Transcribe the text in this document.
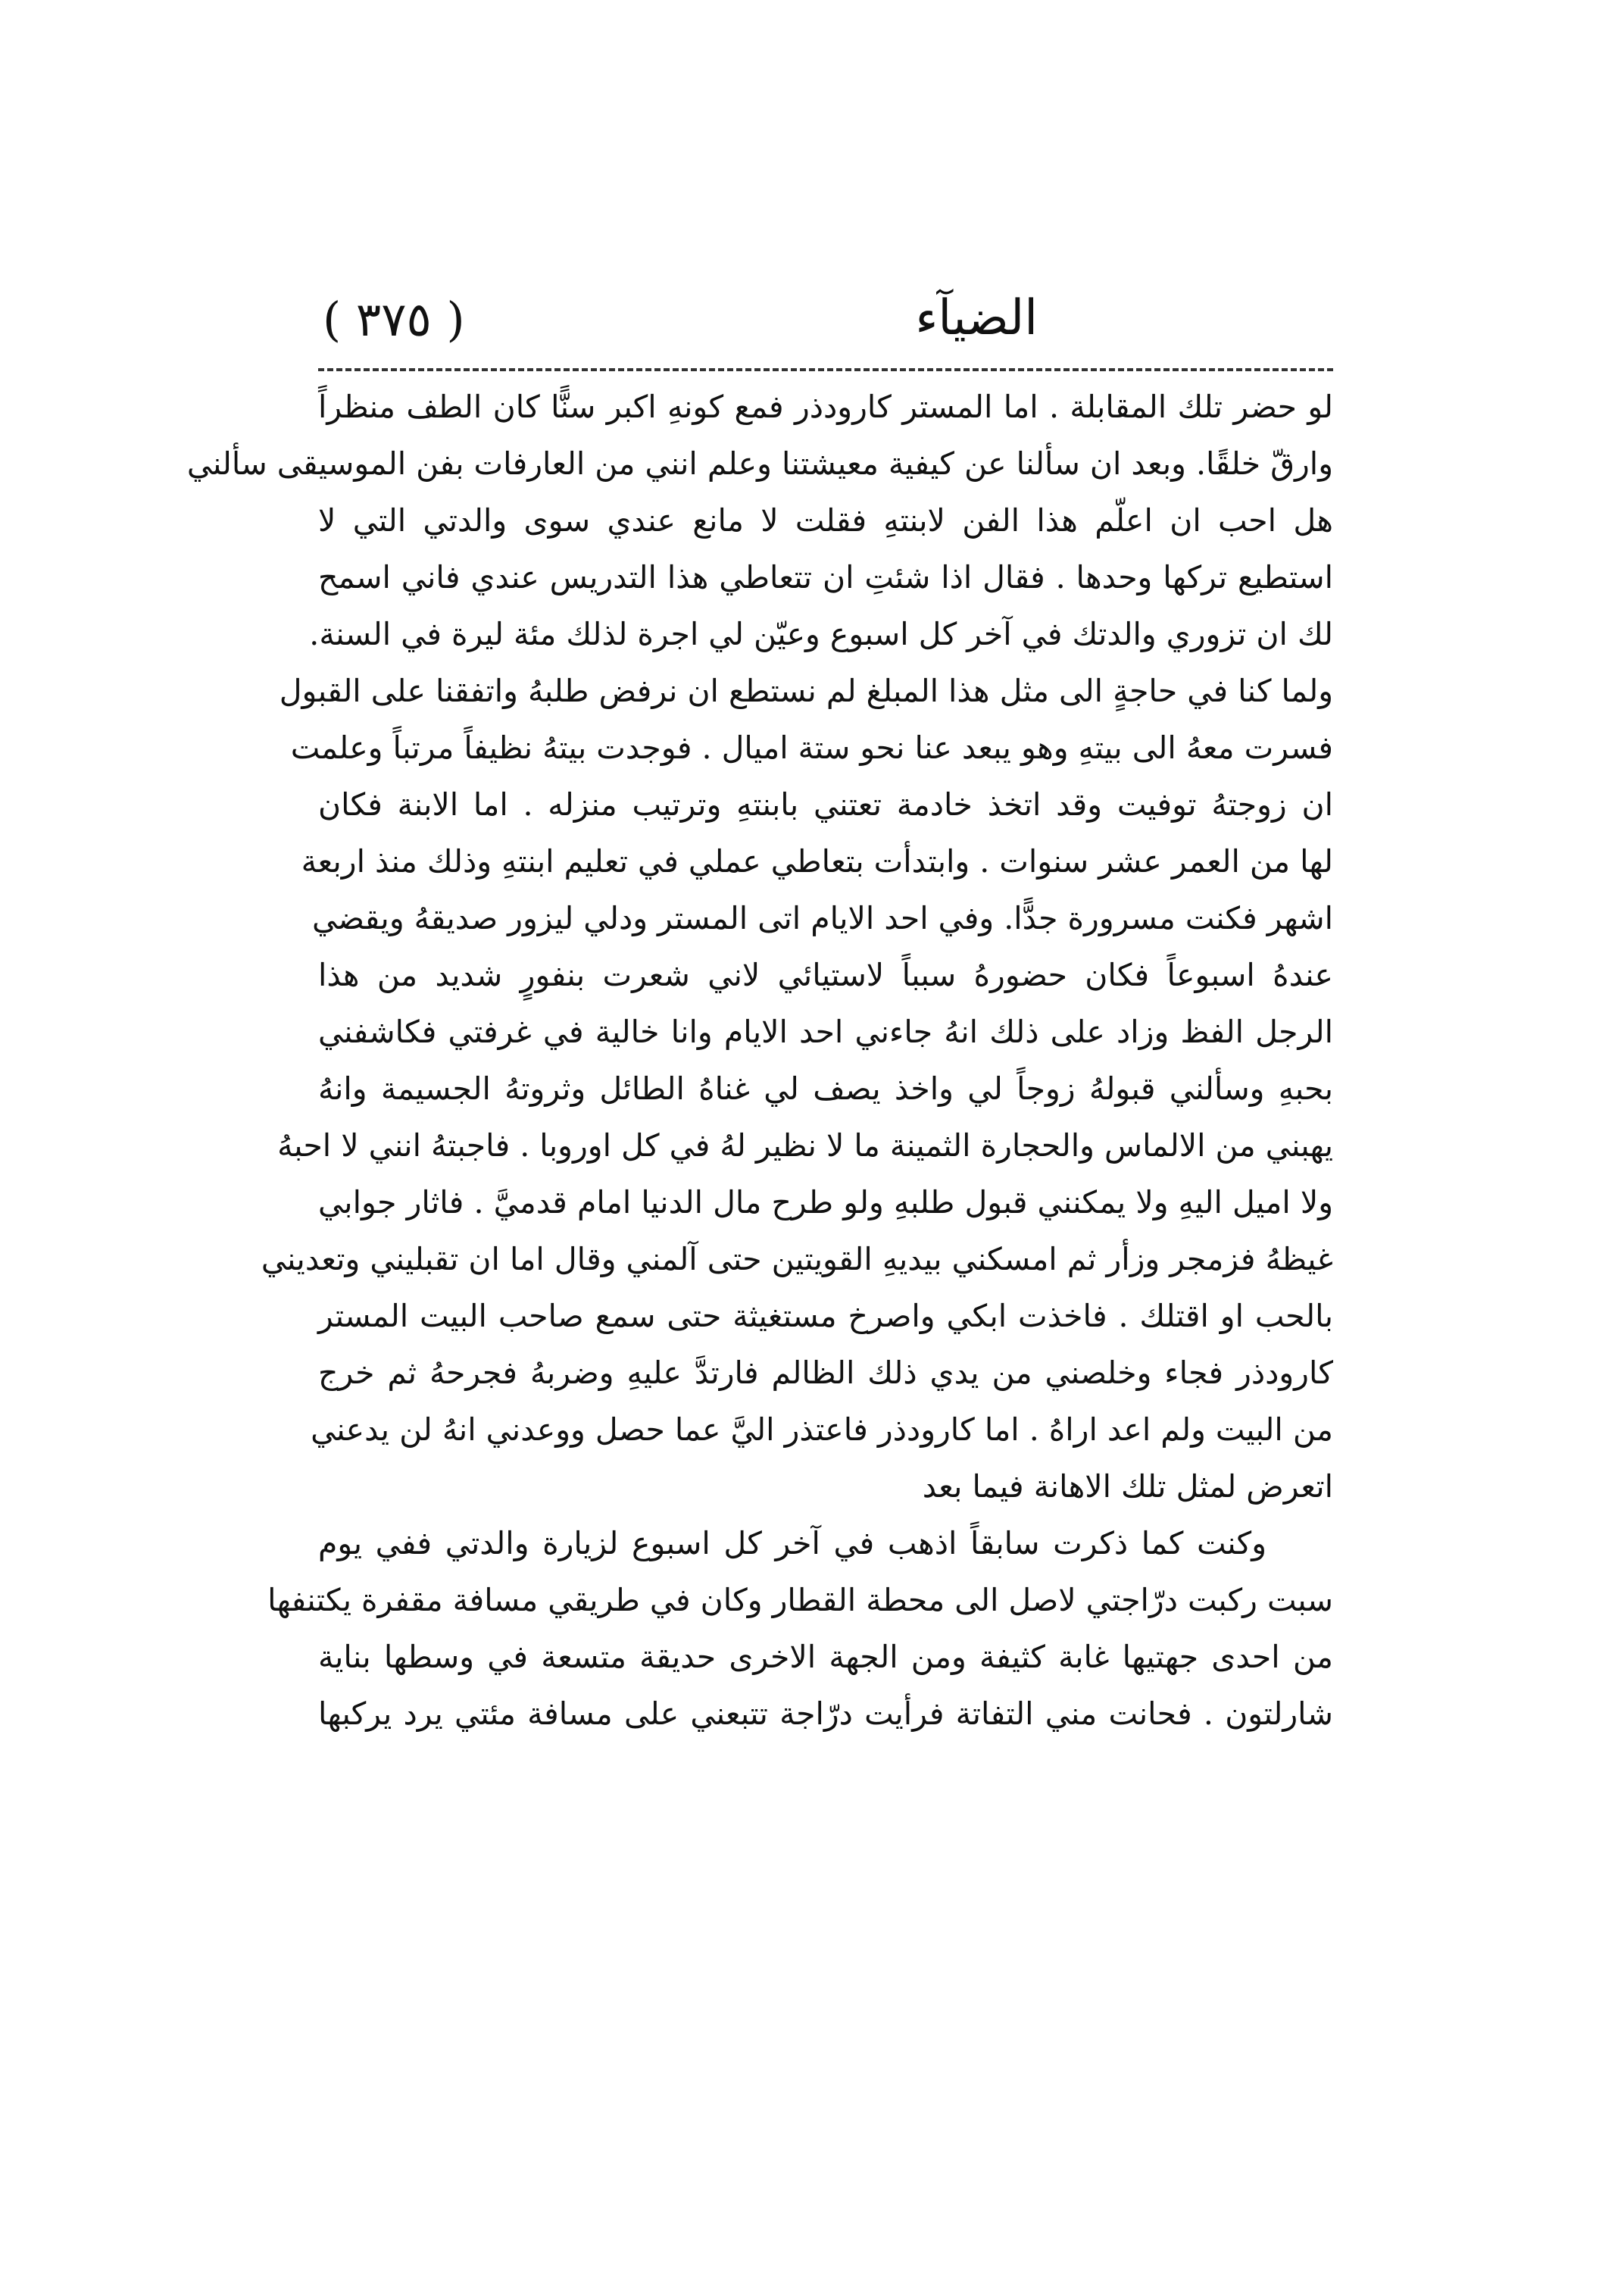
الضيآء
( ٣٧٥ )
لو حضر تلك المقابلة . اما المستر كارودذر فمع كونهِ اكبر سنًّا كان الطف منظراً
وارقّ خلقًا. وبعد ان سألنا عن كيفية معيشتنا وعلم انني من العارفات بفن الموسيقى سألني
هل احب ان اعلّم هذا الفن لابنتهِ فقلت لا مانع عندي سوى والدتي التي لا
استطيع تركها وحدها . فقال اذا شئتِ ان تتعاطي هذا التدريس عندي فاني اسمح
لك ان تزوري والدتك في آخر كل اسبوع وعيّن لي اجرة لذلك مئة ليرة في السنة.
ولما كنا في حاجةٍ الى مثل هذا المبلغ لم نستطع ان نرفض طلبهُ واتفقنا على القبول
فسرت معهُ الى بيتهِ وهو يبعد عنا نحو ستة اميال . فوجدت بيتهُ نظيفاً مرتباً وعلمت
ان زوجتهُ توفيت وقد اتخذ خادمة تعتني بابنتهِ وترتيب منزله . اما الابنة فكان
لها من العمر عشر سنوات . وابتدأت بتعاطي عملي في تعليم ابنتهِ وذلك منذ اربعة
اشهر فكنت مسرورة جدًّا. وفي احد الايام اتى المستر ودلي ليزور صديقهُ ويقضي
عندهُ اسبوعاً فكان حضورهُ سبباً لاستيائي لاني شعرت بنفورٍ شديد من هذا
الرجل الفظ وزاد على ذلك انهُ جاءني احد الايام وانا خالية في غرفتي فكاشفني
بحبهِ وسألني قبولهُ زوجاً لي واخذ يصف لي غناهُ الطائل وثروتهُ الجسيمة وانهُ
يهبني من الالماس والحجارة الثمينة ما لا نظير لهُ في كل اوروبا . فاجبتهُ انني لا احبهُ
ولا اميل اليهِ ولا يمكنني قبول طلبهِ ولو طرح مال الدنيا امام قدميَّ . فاثار جوابي
غيظهُ فزمجر وزأر ثم امسكني بيديهِ القويتين حتى آلمني وقال اما ان تقبليني وتعديني
بالحب او اقتلك . فاخذت ابكي واصرخ مستغيثة حتى سمع صاحب البيت المستر
كارودذر فجاء وخلصني من يدي ذلك الظالم فارتدَّ عليهِ وضربهُ فجرحهُ ثم خرج
من البيت ولم اعد اراهُ . اما كارودذر فاعتذر اليَّ عما حصل ووعدني انهُ لن يدعني
اتعرض لمثل تلك الاهانة فيما بعد
وكنت كما ذكرت سابقاً اذهب في آخر كل اسبوع لزيارة والدتي ففي يوم
سبت ركبت درّاجتي لاصل الى محطة القطار وكان في طريقي مسافة مقفرة يكتنفها
من احدى جهتيها غابة كثيفة ومن الجهة الاخرى حديقة متسعة في وسطها بناية
شارلتون . فحانت مني التفاتة فرأيت درّاجة تتبعني على مسافة مئتي يرد يركبها
